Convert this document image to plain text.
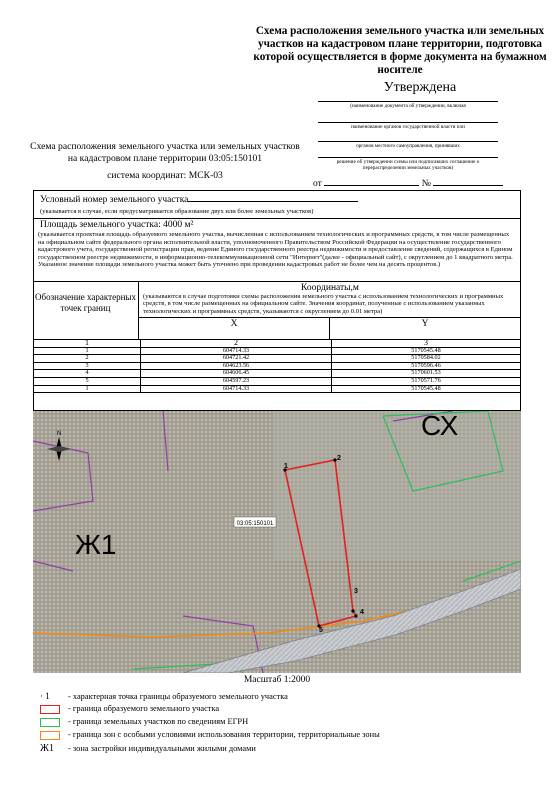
Схема расположения земельного участка или земельных участков на кадастровом плане территории, подготовка которой осуществляется в форме документа на бумажном носителе
Утверждена
(наименование документа об утверждении, включая
наименование органов государственной власти или
органов местного самоуправления, принявших
решение об утверждении схемы или подписавших соглашение о перераспределении земельных участков)
от	№
Схема расположения земельного участка или земельных участков
на кадастровом плане территории 03:05:150101
система координат: МСК-03
Условный номер земельного участка
(указывается в случае, если предусматривается образование двух или более земельных участков)
Площадь земельного участка: 4000 м²
(указывается проектная площадь образуемого земельного участка, вычисленная с использованием технологических и программных средств, в том числе размещенных на официальном сайте федерального органа исполнительной власти, уполномоченного Правительством Российской Федерации на осуществление государственного кадастрового учета, государственной регистрации прав, ведение Единого государственного реестра недвижимости и предоставление сведений, содержащихся в Едином государственном реестре недвижимости, в информационно-телекоммуникационной сети "Интернет"(далее - официальный сайт), с округлением до 1 квадратного метра. Указанное значение площади земельного участка может быть уточнено при проведении кадастровых работ не более чем на десять процентов.)
Обозначение характерных точек границ
Координаты,м
(указываются в случае подготовки схемы расположения земельного участка с использованием технологических и программных средств, в том числе размещенных на официальном сайте. Значения координат, полученные с использованием указанных технологических и программных средств, указываются с округлением до 0.01 метра)
X	Y
1	2	3
1	604714.33	5170545.48
2	604721.42	5170584.02
3	604623.56	5170596.46
4	604606.45	5170601.53
5	604597.23	5170571.76
1	604714.33	5170545.48
1
2
3
4
5
03:05:150101
Ж1
СХ
N
Масштаб 1:2000
· 1 - характерная точка границы образуемого земельного участка
- граница образуемого земельного участка
- граница земельных участков по сведениям ЕГРН
- граница зон с особыми условиями использования территории, территориальные зоны
Ж1 - зона застройки индивидуальными жилыми домами
